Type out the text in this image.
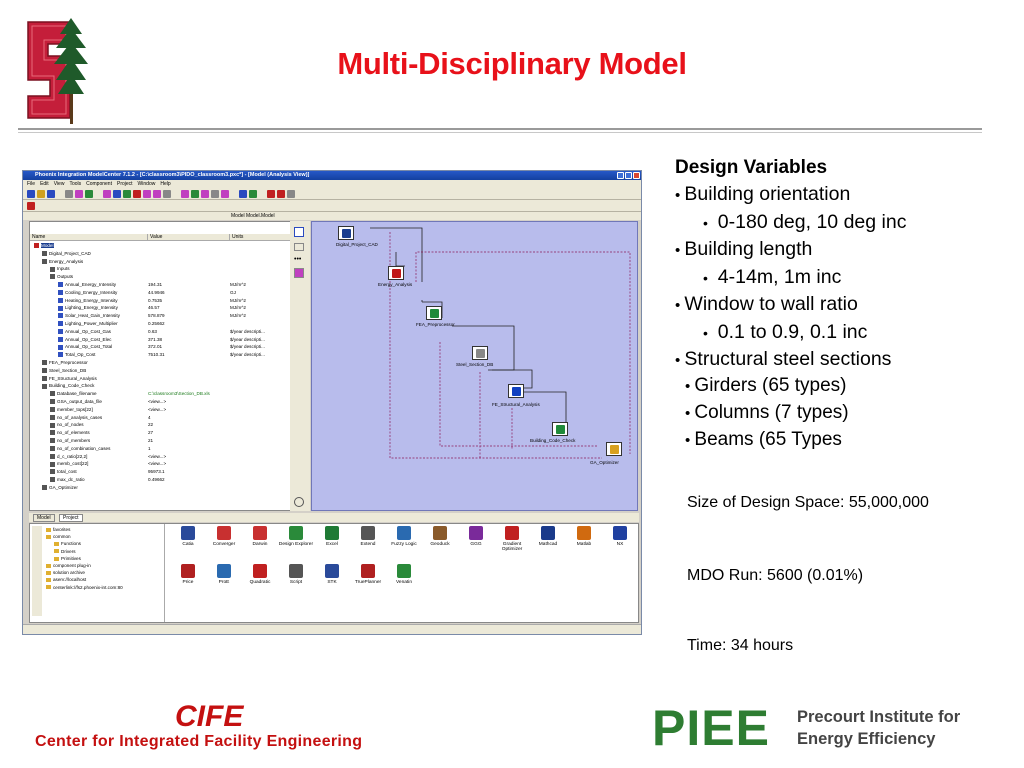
Multi-Disciplinary Model
Phoenix Integration ModelCenter 7.1.2 - [C:\classroom3\PIDO_classroom3.pxc*] - [Model (Analysis View)]
File Edit View Tools Component Project Window Help
Model Model.Model
Name	Value	Units
Model
Digital_Project_CAD
Energy_Analysis
Inputs
Outputs
Annual_Energy_Intensity	194.31	MJ/m^2
Cooling_Energy_Intensity	44.9946	GJ
Heating_Energy_Intensity	0.7535	MJ/m^2
Lighting_Energy_Intensity	46.57	MJ/m^2
Solar_Heat_Gain_Intensity	578.879	MJ/m^2
Lighting_Power_Multiplier	0.25662
Annual_Op_Cost_Gas	0.63	$/year descripti...
Annual_Op_Cost_Elec	371.38	$/year descripti...
Annual_Op_Cost_Total	372.01	$/year descripti...
Total_Op_Cost	7510.31	$/year descripti...
FEA_Preprocessor
Steel_Section_DB
FE_Structural_Analysis
Building_Code_Check
Database_filename	C:\classroom3\Section_DB.xls
GSA_output_data_file	<view...>
member_tops[22]	<view...>
no_of_analysis_cases	4
no_of_nodes	22
no_of_elements	27
no_of_members	21
no_of_combination_cases	1
d_c_ratio[22,2]	<view...>
memb_cost[22]	<view...>
total_cost	95973.1
max_dc_ratio	0.49662
GA_Optimizer
•••
Digital_Project_CAD
Energy_Analysis
FEA_Preprocessor
Steel_Section_DB
FE_Structural_Analysis
Building_Code_Check
GA_Optimizer
Model	Project
favorites
common
Functions
Drivers
Primitives
component plug-in
solution archive
aserv://localhost
centerlink://fs2.phoenix-int.com:80
Catia	Converger	Darwin	Design Explorer	Excel	Extend	Fuzzy Logic	Geoduck	GGG	Gradient Optimizer
Mathcad	Matlab	NX
Price	ProE	Quadratic	Script	STK	TruePlanner	Venatin
Design Variables
• Building orientation
• 0-180 deg, 10 deg inc
• Building length
• 4-14m, 1m inc
• Window to wall ratio
• 0.1 to 0.9, 0.1 inc
• Structural steel sections
• Girders (65 types)
• Columns (7 types)
• Beams (65 Types
Size of Design Space: 55,000,000
MDO Run: 5600 (0.01%)
Time: 34 hours
CIFE
Center for Integrated Facility Engineering	PIEE Precourt Institute for
Energy Efficiency
